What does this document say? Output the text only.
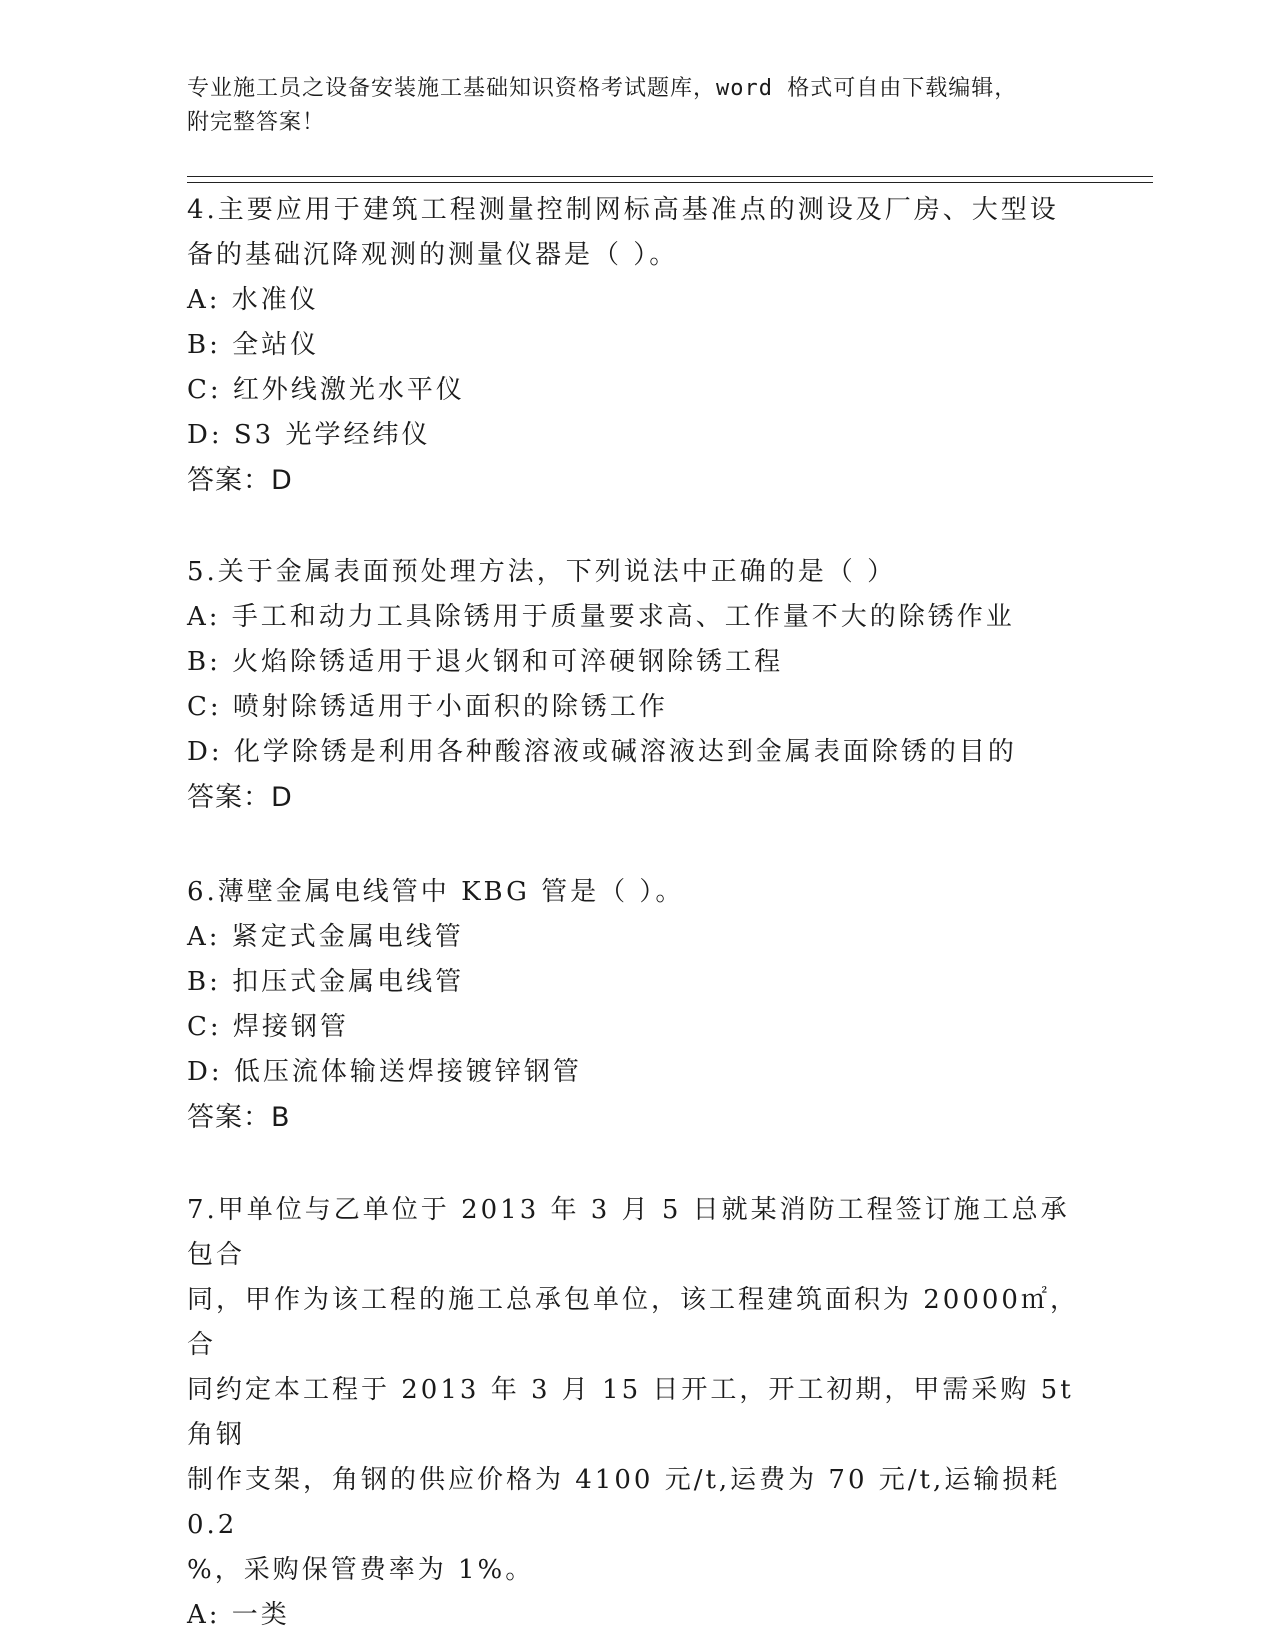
专业施工员之设备安装施工基础知识资格考试题库，word 格式可自由下载编辑，
附完整答案！

4.主要应用于建筑工程测量控制网标高基准点的测设及厂房、大型设

备的基础沉降观测的测量仪器是（ ）。

A: 水准仪

B: 全站仪

C: 红外线激光水平仪

D: S3 光学经纬仪

答案：D

5.关于金属表面预处理方法，下列说法中正确的是（ ）

A: 手工和动力工具除锈用于质量要求高、工作量不大的除锈作业

B: 火焰除锈适用于退火钢和可淬硬钢除锈工程

C: 喷射除锈适用于小面积的除锈工作

D: 化学除锈是利用各种酸溶液或碱溶液达到金属表面除锈的目的

答案：D

6.薄壁金属电线管中 KBG 管是（ ）。

A: 紧定式金属电线管

B: 扣压式金属电线管

C: 焊接钢管

D: 低压流体输送焊接镀锌钢管

答案：B

7.甲单位与乙单位于 2013 年 3 月 5 日就某消防工程签订施工总承包合

同，甲作为该工程的施工总承包单位，该工程建筑面积为 20000㎡，合

同约定本工程于 2013 年 3 月 15 日开工，开工初期，甲需采购 5t 角钢

制作支架，角钢的供应价格为 4100 元/t,运费为 70 元/t,运输损耗 0.2

%，采购保管费率为 1%。

A: 一类
